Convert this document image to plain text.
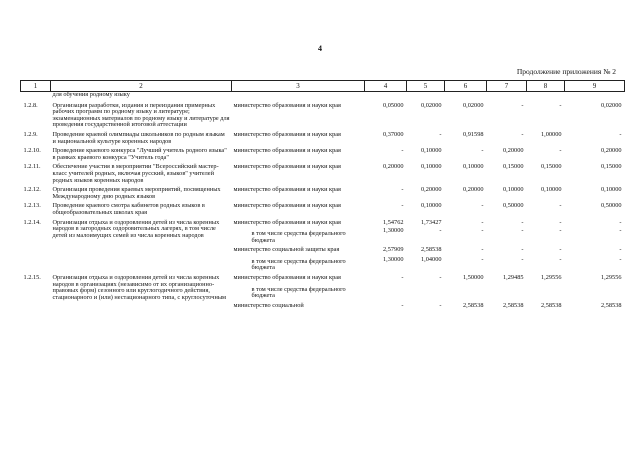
4
Продолжение приложения № 2
1	2	3	4	5	6	7	8	9
	для обучения родному языку							
1.2.8.	Организация разработки, издания и переиздания примерных рабочих программ по родному языку и литературе; экзаменационных материалов по родному языку и литературе для проведения государственной итоговой аттестации	министерство образования и науки края	0,05000	0,02000	0,02000	-	-	0,02000
1.2.9.	Проведение краевой олимпиады школьников по родным языкам и национальной культуре коренных народов	министерство образования и науки края	0,37000	-	0,91598	-	1,00000	-
1.2.10.	Проведение краевого конкурса "Лучший учитель родного языка" в рамках краевого конкурса "Учитель года"	министерство образования и науки края	-	0,10000	-	0,20000	-	0,20000
1.2.11.	Обеспечение участия в мероприятии "Всероссийский мастер-класс учителей родных, включая русский, языков" учителей родных языков коренных народов	министерство образования и науки края	0,20000	0,10000	0,10000	0,15000	0,15000	0,15000
1.2.12.	Организация проведения краевых мероприятий, посвященных Международному дню родных языков	министерство образования и науки края	-	0,20000	0,20000	0,10000	0,10000	0,10000
1.2.13.	Проведение краевого смотра кабинетов родных языков в общеобразовательных школах края	министерство образования и науки края	-	0,10000	-	0,50000	-	0,50000
1.2.14.	Организация отдыха и оздоровления детей из числа коренных народов в загородных оздоровительных лагерях, в том числе детей из малоимущих семей из числа коренных народов	министерство образования и науки края	1,54762	1,73427	-	-	-	-

		в том числе средства федерального бюджета	1,30000	-	-	-	-	-
		министерство социальной защиты края	2,57909	2,58538	-	-	-	-

		в том числе средства федерального бюджета	1,30000	1,04000	-	-	-	-
1.2.15.	Организация отдыха и оздоровления детей из числа коренных народов в организациях (независимо от их организационно-правовых форм) сезонного или круглогодичного действия, стационарного и (или) нестационарного типа, с круглосуточным	министерство образования и науки края	-	-	1,50000	1,29485	1,29556	1,29556

		в том числе средства федерального бюджета						

		министерство социальной	-	-	2,58538	2,58538	2,58538	2,58538
